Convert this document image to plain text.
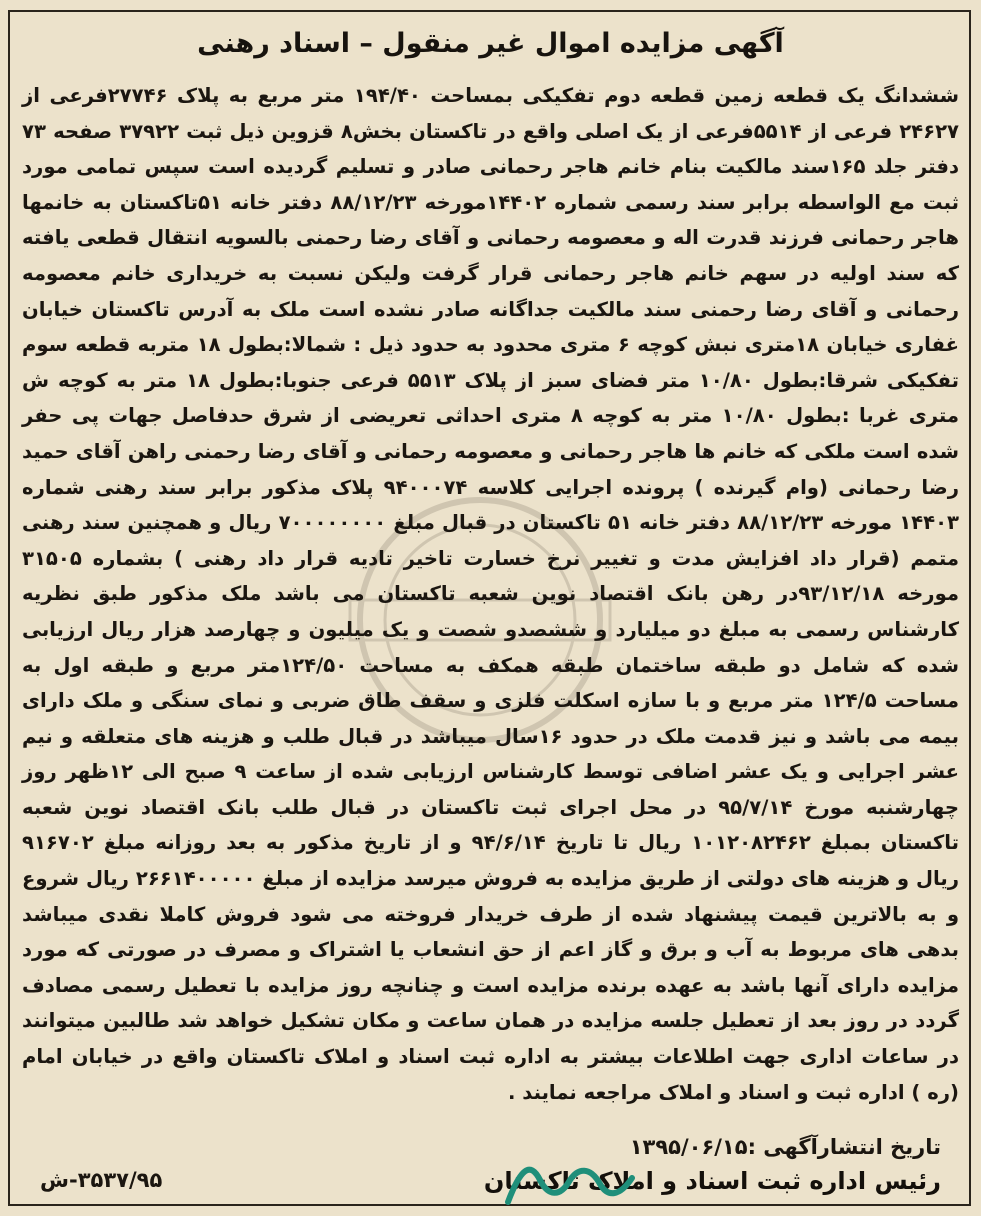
آگهی مزایده اموال غیر منقول – اسناد رهنی

ششدانگ یک قطعه زمین قطعه دوم تفکیکی بمساحت ۱۹۴/۴۰ متر مربع به پلاک ۲۷۷۴۶فرعی از ۲۴۶۲۷ فرعی از ۵۵۱۴فرعی از یک اصلی واقع در تاکستان بخش۸ قزوین ذیل ثبت ۳۷۹۲۲ صفحه ۷۳ دفتر جلد ۱۶۵سند مالکیت بنام خانم هاجر رحمانی صادر و تسلیم گردیده است سپس تمامی مورد ثبت مع الواسطه برابر سند رسمی شماره ۱۴۴۰۲مورخه ۸۸/۱۲/۲۳ دفتر خانه ۵۱تاکستان به خانمها هاجر رحمانی فرزند قدرت اله و معصومه رحمانی و آقای رضا رحمنی بالسویه انتقال قطعی یافته که سند اولیه در سهم خانم هاجر رحمانی قرار گرفت ولیکن نسبت به خریداری خانم معصومه رحمانی و آقای رضا رحمنی سند مالکیت جداگانه صادر نشده است ملک به آدرس تاکستان خیابان غفاری خیابان ۱۸متری نبش کوچه ۶ متری محدود به حدود ذیل : شمالا:بطول ۱۸ متربه قطعه سوم تفکیکی شرقا:بطول ۱۰/۸۰ متر فضای سبز از پلاک ۵۵۱۳ فرعی جنوبا:بطول ۱۸ متر به کوچه ش متری غربا :بطول ۱۰/۸۰ متر به کوچه ۸ متری احداثی تعریضی از شرق حدفاصل جهات پی حفر شده است ملکی که خانم ها هاجر رحمانی و معصومه رحمانی و آقای رضا رحمنی راهن آقای حمید رضا رحمانی (وام گیرنده ) پرونده اجرایی کلاسه ۹۴۰۰۰۷۴ پلاک مذکور برابر سند رهنی شماره ۱۴۴۰۳ مورخه ۸۸/۱۲/۲۳ دفتر خانه ۵۱ تاکستان در قبال مبلغ ۷۰۰۰۰۰۰۰۰ ریال و همچنین سند رهنی متمم (قرار داد افزایش مدت و تغییر نرخ خسارت تاخیر تادیه قرار داد رهنی ) بشماره ۳۱۵۰۵ مورخه ۹۳/۱۲/۱۸در رهن بانک اقتصاد نوین شعبه تاکستان می باشد ملک مذکور طبق نظریه کارشناس رسمی به مبلغ دو میلیارد و ششصدو شصت و یک میلیون و چهارصد هزار ریال ارزیابی شده که شامل دو طبقه ساختمان طبقه همکف به مساحت ۱۲۴/۵۰متر مربع و طبقه اول به مساحت ۱۲۴/۵ متر مربع و با سازه اسکلت فلزی و سقف طاق ضربی و نمای سنگی و ملک دارای بیمه می باشد و نیز قدمت ملک در حدود ۱۶سال میباشد در قبال طلب و هزینه های متعلقه و نیم عشر اجرایی و یک عشر اضافی توسط کارشناس ارزیابی شده از ساعت ۹ صبح الی ۱۲ظهر روز چهارشنبه مورخ ۹۵/۷/۱۴ در محل اجرای ثبت تاکستان در قبال طلب بانک اقتصاد نوین شعبه تاکستان بمبلغ ۱۰۱۲۰۸۲۴۶۲ ریال تا تاریخ ۹۴/۶/۱۴ و از تاریخ مذکور به بعد روزانه مبلغ ۹۱۶۷۰۲ ریال و هزینه های دولتی از طریق مزایده به فروش میرسد مزایده از مبلغ ۲۶۶۱۴۰۰۰۰۰ ریال شروع و به بالاترین قیمت پیشنهاد شده از طرف خریدار فروخته می شود فروش کاملا نقدی میباشد بدهی های مربوط به آب و برق و گاز اعم از حق انشعاب یا اشتراک و مصرف در صورتی که مورد مزایده دارای آنها باشد به عهده برنده مزایده است و چنانچه روز مزایده با تعطیل رسمی مصادف گردد در روز بعد از تعطیل جلسه مزایده در همان ساعت و مکان تشکیل خواهد شد طالبین میتوانند در ساعات اداری جهت اطلاعات بیشتر به اداره ثبت اسناد و املاک تاکستان واقع در خیابان امام (ره ) اداره ثبت و اسناد و املاک مراجعه نمایند .

تاریخ انتشارآگهی :۱۳۹۵/۰۶/۱۵
رئیس اداره ثبت اسناد و املاک تاکستان
۳۵۳۷/۹۵-ش
